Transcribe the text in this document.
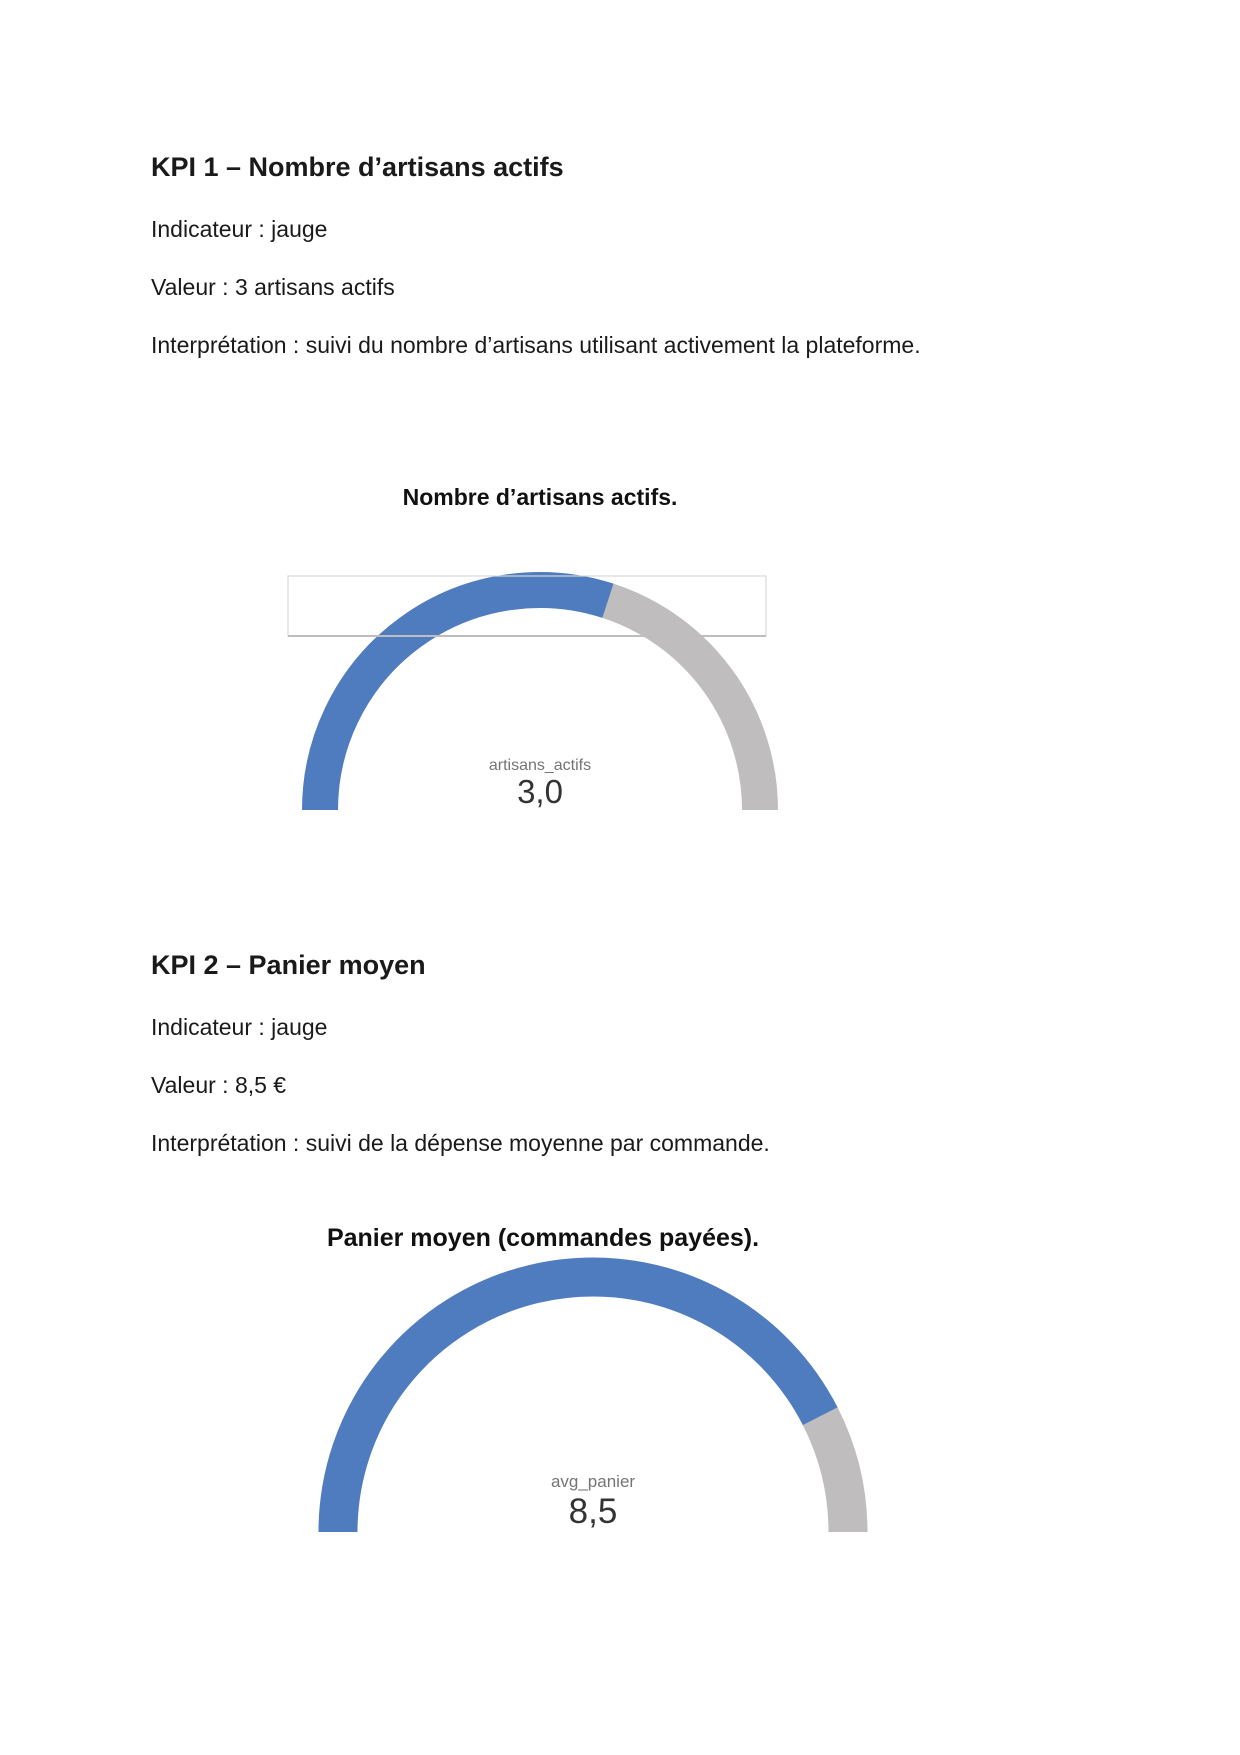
KPI 1 – Nombre d’artisans actifs

Indicateur : jauge

Valeur : 3 artisans actifs

Interprétation : suivi du nombre d’artisans utilisant activement la plateforme.

Nombre d’artisans actifs.
artisans_actifs
3,0
KPI 2 – Panier moyen

Indicateur : jauge

Valeur : 8,5 €

Interprétation : suivi de la dépense moyenne par commande.

Panier moyen (commandes payées).
avg_panier
8,5
